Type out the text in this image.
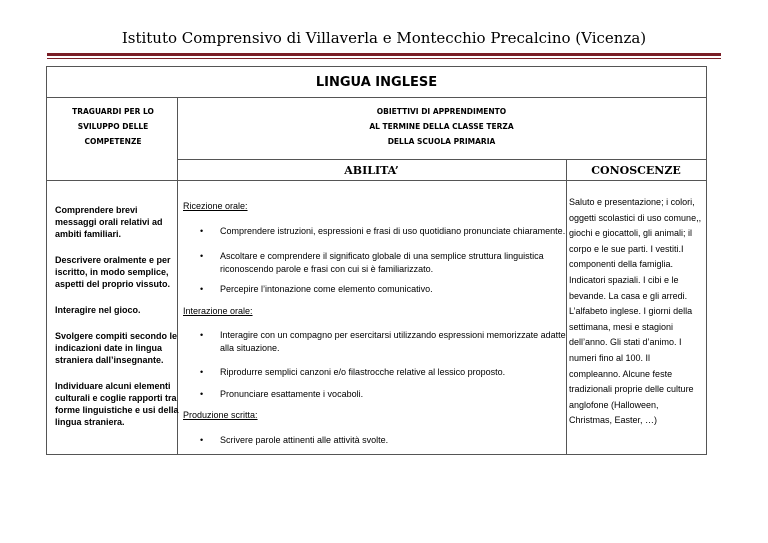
Istituto Comprensivo di Villaverla e Montecchio Precalcino (Vicenza)
LINGUA INGLESE
TRAGUARDI PER LO SVILUPPO DELLE COMPETENZE
OBIETTIVI DI APPRENDIMENTO
AL TERMINE DELLA CLASSE TERZA
DELLA SCUOLA PRIMARIA
ABILITA’	CONOSCENZE

Comprendere brevi messaggi orali relativi ad ambiti familiari.

Descrivere oralmente e per iscritto, in modo semplice, aspetti del proprio vissuto.

Interagire nel gioco.

Svolgere compiti secondo le indicazioni date in lingua straniera dall’insegnante.

Individuare alcuni elementi culturali e coglie rapporti tra forme linguistiche e usi della lingua straniera.

Ricezione orale:
• Comprendere istruzioni, espressioni e frasi di uso quotidiano pronunciate chiaramente.
• Ascoltare e comprendere il significato globale di una semplice struttura linguistica riconoscendo parole e frasi con cui si è familiarizzato.
• Percepire l’intonazione come elemento comunicativo.
Interazione orale:
• Interagire con un compagno per esercitarsi utilizzando espressioni memorizzate adatte alla situazione.
• Riprodurre semplici canzoni e/o filastrocche relative al lessico proposto.
• Pronunciare esattamente i vocaboli.
Produzione scritta:
• Scrivere parole attinenti alle attività svolte.
Saluto e presentazione; i colori, oggetti scolastici di uso comune,, giochi e giocattoli, gli animali; il corpo e le sue parti. I vestiti.I componenti della famiglia. Indicatori spaziali. I cibi e le bevande. La casa e gli arredi. L’alfabeto inglese. I giorni della settimana, mesi e stagioni dell’anno. Gli stati d’animo. I numeri fino al 100. Il compleanno. Alcune feste tradizionali proprie delle culture anglofone (Halloween, Christmas, Easter, …)
